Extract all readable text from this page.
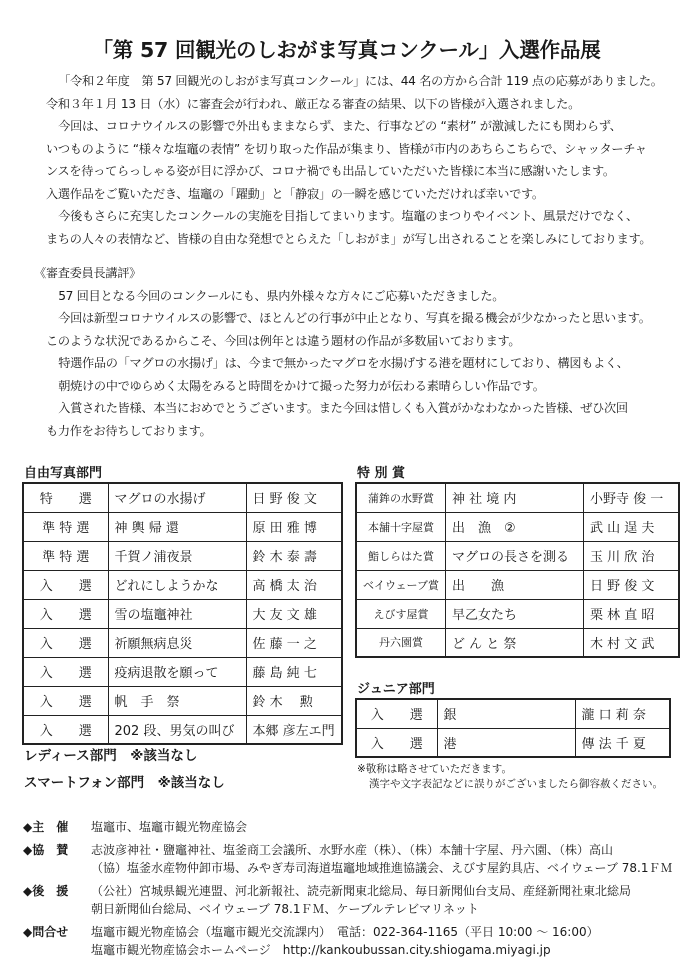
「第 57 回観光のしおがま写真コンクール」入選作品展

「令和２年度　第 57 回観光のしおがま写真コンクール」には、44 名の方から合計 119 点の応募がありました。

令和３年１月 13 日（水）に審査会が行われ、厳正なる審査の結果、以下の皆様が入選されました。

今回は、コロナウイルスの影響で外出もままならず、また、行事などの “素材” が激減したにも関わらず、

いつものように “様々な塩竈の表情” を切り取った作品が集まり、皆様が市内のあちらこちらで、シャッターチャ

ンスを待ってらっしゃる姿が目に浮かび、コロナ禍でも出品していただいた皆様に本当に感謝いたします。

入選作品をご覧いただき、塩竈の「躍動」と「静寂」の一瞬を感じていただければ幸いです。

今後もさらに充実したコンクールの実施を目指してまいります。塩竈のまつりやイベント、風景だけでなく、

まちの人々の表情など、皆様の自由な発想でとらえた「しおがま」が写し出されることを楽しみにしております。

《審査委員長講評》

57 回目となる今回のコンクールにも、県内外様々な方々にご応募いただきました。

今回は新型コロナウイルスの影響で、ほとんどの行事が中止となり、写真を撮る機会が少なかったと思います。

このような状況であるからこそ、今回は例年とは違う題材の作品が多数届いております。

特選作品の「マグロの水揚げ」は、今まで無かったマグロを水揚げする港を題材にしており、構図もよく、

朝焼けの中でゆらめく太陽をみると時間をかけて撮った努力が伝わる素晴らしい作品です。

入賞された皆様、本当におめでとうございます。また今回は惜しくも入賞がかなわなかった皆様、ぜひ次回

も力作をお待ちしております。

自由写真部門
特　　選	マグロの水揚げ	日 野 俊 文
準 特 選	神 輿 帰 還	原 田 雅 博
準 特 選	千賀ノ浦夜景	鈴 木 泰 壽
入　　選	どれにしようかな	高 橋 太 治
入　　選	雪の塩竈神社	大 友 文 雄
入　　選	祈願無病息災	佐 藤 一 之
入　　選	疫病退散を願って	藤 島 純 七
入　　選	帆　手　祭	鈴 木　 勲
入　　選	202 段、男気の叫び	本郷 彦左エ門
特 別 賞
蒲鉾の水野賞	神 社 境 内	小野寺 俊 一
本舗十字屋賞	出　漁　②	武 山 逞 夫
鮨しらはた賞	マグロの長さを測る	玉 川 欣 治
ベイウェーブ賞	出　　漁	日 野 俊 文
えびす屋賞	早乙女たち	栗 林 直 昭
丹六園賞	ど ん と 祭	木 村 文 武
ジュニア部門
入　　選	銀	瀧 口 莉 奈
入　　選	港	傳 法 千 夏
レディース部門　※該当なし
スマートフォン部門　※該当なし
※敬称は略させていただきます。
漢字や文字表記などに誤りがございましたら御容赦ください。
◆主　催	塩竈市、塩竈市観光物産協会
◆協　賛	志波彦神社・鹽竈神社、塩釜商工会議所、水野水産（株）、（株）本舗十字屋、丹六園、（株）高山
（協）塩釜水産物仲卸市場、みやぎ寿司海道塩竈地域推進協議会、えびす屋釣具店、ベイウェーブ 78.1ＦＭ
◆後　援	（公社）宮城県観光連盟、河北新報社、読売新聞東北総局、毎日新聞仙台支局、産経新聞社東北総局
朝日新聞仙台総局、ベイウェーブ 78.1ＦＭ、ケーブルテレビマリネット
◆問合せ	塩竈市観光物産協会（塩竈市観光交流課内）　電話：022-364-1165（平日 10:00 ～ 16:00）
塩竈市観光物産協会ホームページ　http://kankoubussan.city.shiogama.miyagi.jp
